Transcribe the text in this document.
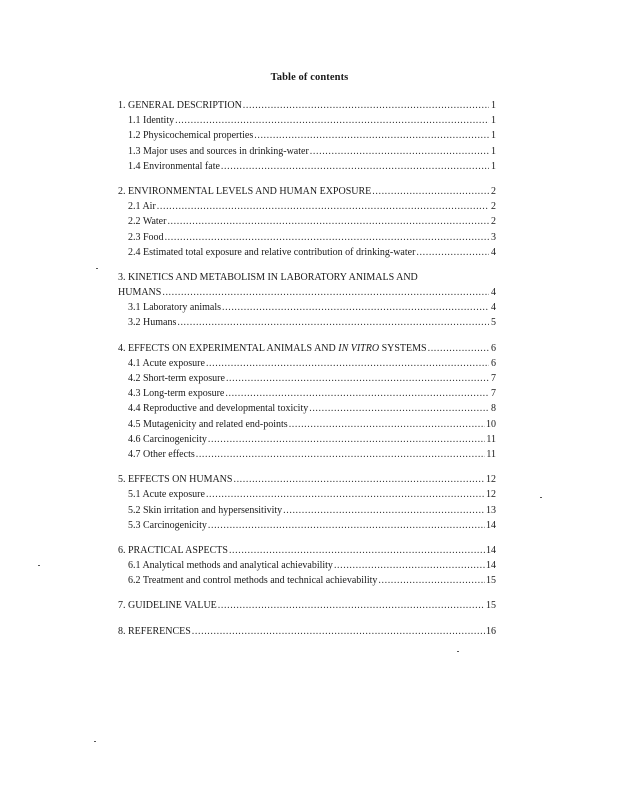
Table of contents
1. GENERAL DESCRIPTION .....	1
1.1 Identity .....	1
1.2 Physicochemical properties .....	1
1.3 Major uses and sources in drinking-water .....	1
1.4 Environmental fate .....	1
2. ENVIRONMENTAL LEVELS AND HUMAN EXPOSURE .....	2
2.1 Air .....	2
2.2 Water .....	2
2.3 Food .....	3
2.4 Estimated total exposure and relative contribution of drinking-water .....	4
3. KINETICS AND METABOLISM IN LABORATORY ANIMALS AND
HUMANS .....	4
3.1 Laboratory animals .....	4
3.2 Humans .....	5
4. EFFECTS ON EXPERIMENTAL ANIMALS AND IN VITRO SYSTEMS .....	6
4.1 Acute exposure .....	6
4.2 Short-term exposure .....	7
4.3 Long-term exposure .....	7
4.4 Reproductive and developmental toxicity .....	8
4.5 Mutagenicity and related end-points .....	10
4.6 Carcinogenicity .....	11
4.7 Other effects .....	11
5. EFFECTS ON HUMANS .....	12
5.1 Acute exposure .....	12
5.2 Skin irritation and hypersensitivity .....	13
5.3 Carcinogenicity .....	14
6. PRACTICAL ASPECTS .....	14
6.1 Analytical methods and analytical achievability .....	14
6.2 Treatment and control methods and technical achievability .....	15
7. GUIDELINE VALUE .....	15
8. REFERENCES .....	16
